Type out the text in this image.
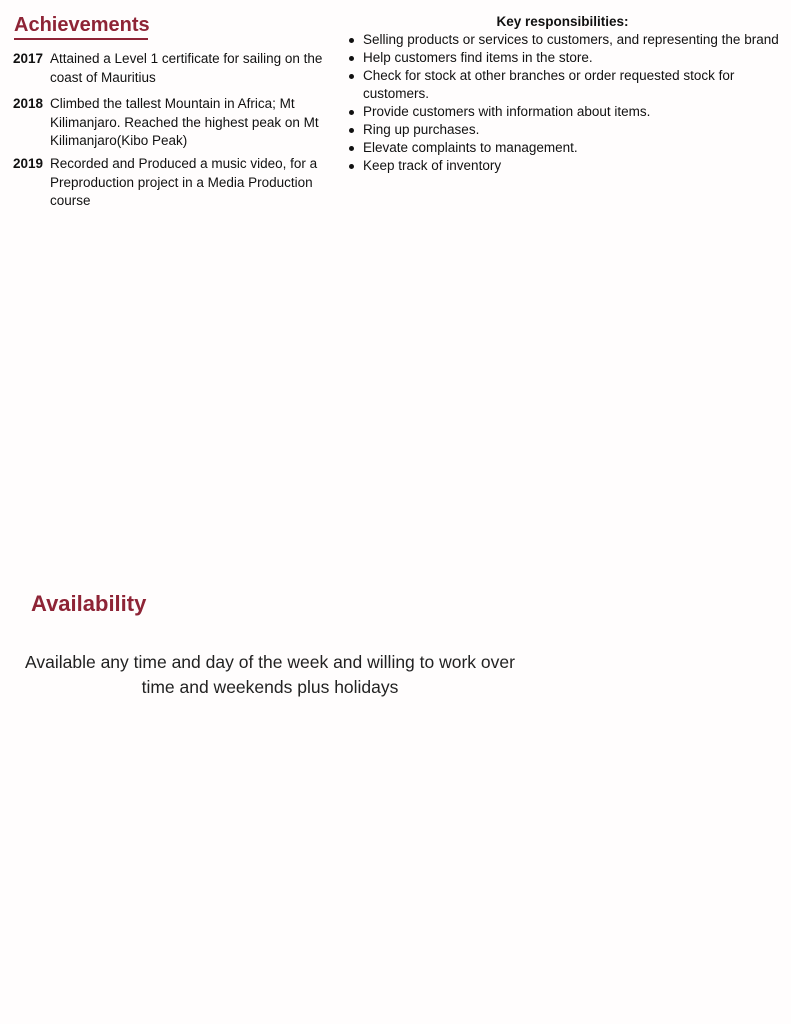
Achievements
2017 Attained a Level 1 certificate for sailing on the coast of Mauritius
2018 Climbed the tallest Mountain in Africa; Mt Kilimanjaro. Reached the highest peak on Mt Kilimanjaro(Kibo Peak)
2019 Recorded and Produced a music video, for a Preproduction project in a Media Production course
Key responsibilities:
Selling products or services to customers, and representing the brand
Help customers find items in the store.
Check for stock at other branches or order requested stock for customers.
Provide customers with information about items.
Ring up purchases.
Elevate complaints to management.
Keep track of inventory
Availability
Available any time and day of the week and willing to work over time and weekends plus holidays
